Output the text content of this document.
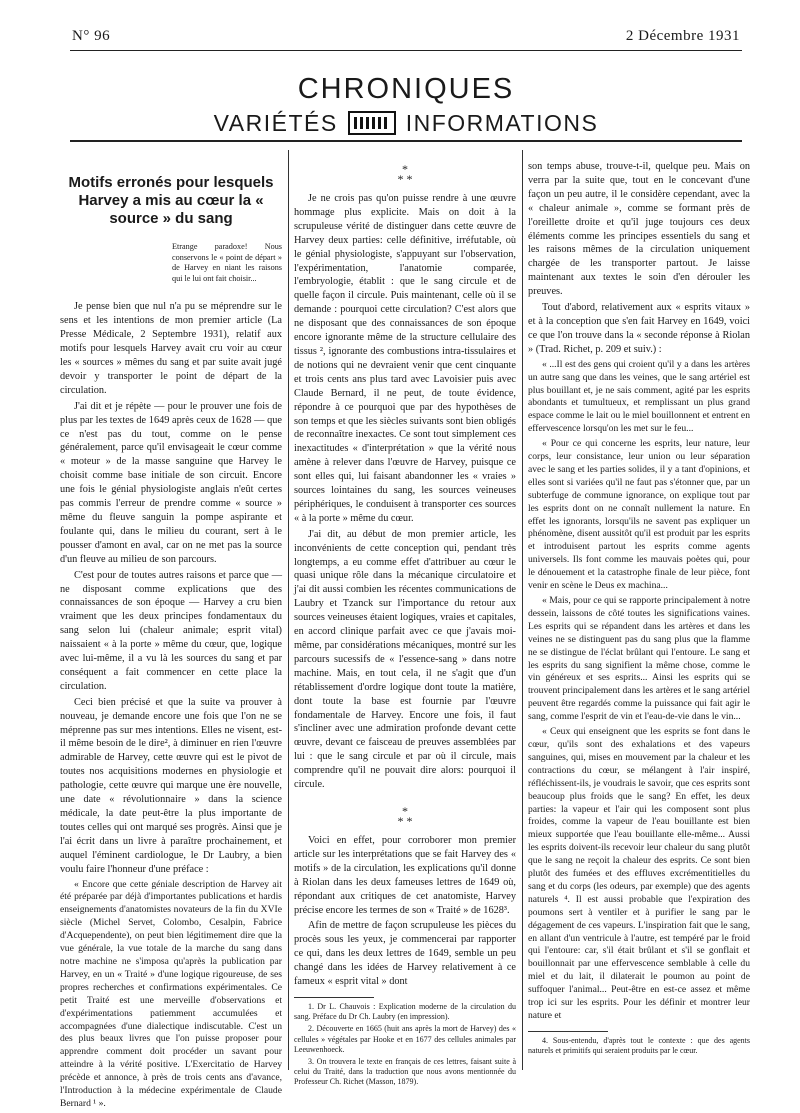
N° 96	2 Décembre 1931
CHRONIQUES
VARIÉTÉS	INFORMATIONS
Motifs erronés pour lesquels Harvey a mis au cœur la « source » du sang
Etrange paradoxe! Nous conservons le « point de départ » de Harvey en niant les raisons qui le lui ont fait choisir...

Je pense bien que nul n'a pu se méprendre sur le sens et les intentions de mon premier article (La Presse Médicale, 2 Septembre 1931), relatif aux motifs pour lesquels Harvey avait cru voir au cœur les « sources » mêmes du sang et par suite avait jugé devoir y transporter le point de départ de la circulation.

J'ai dit et je répète — pour le prouver une fois de plus par les textes de 1649 après ceux de 1628 — que ce n'est pas du tout, comme on le pense généralement, parce qu'il envisageait le cœur comme « moteur » de la masse sanguine que Harvey le choisit comme base initiale de son circuit. Encore une fois le génial physiologiste anglais n'eût certes pas commis l'erreur de prendre comme « source » même du fleuve sanguin la pompe aspirante et foulante qui, dans le milieu du courant, sert à le pousser d'amont en aval, car on ne met pas la source d'un fleuve au milieu de son parcours.

C'est pour de toutes autres raisons et parce que — ne disposant comme explications que des connaissances de son époque — Harvey a cru bien vraiment que les deux principes fondamentaux du sang selon lui (chaleur animale; esprit vital) naissaient « à la porte » même du cœur, que, logique avec lui-même, il a vu là les sources du sang et par conséquent a fait commencer en cette place la circulation.

Ceci bien précisé et que la suite va prouver à nouveau, je demande encore une fois que l'on ne se méprenne pas sur mes intentions. Elles ne visent, est-il même besoin de le dire², à diminuer en rien l'œuvre admirable de Harvey, cette œuvre qui est le pivot de toutes nos acquisitions modernes en physiologie et pathologie, cette œuvre qui marque une ère nouvelle, une date « révolutionnaire » dans la science médicale, la date peut-être la plus importante de toutes celles qui ont marqué ses progrès. Ainsi que je l'ai écrit dans un livre à paraître prochainement, et auquel l'éminent cardiologue, le Dr Laubry, a bien voulu faire l'honneur d'une préface :

« Encore que cette géniale description de Harvey ait été préparée par déjà d'importantes publications et hardis enseignements d'anatomistes novateurs de la fin du XVIe siècle (Michel Servet, Colombo, Cesalpin, Fabrice d'Acquependente), on peut bien légitimement dire que la vue générale, la vue totale de la marche du sang dans notre machine ne s'imposa qu'après la publication par Harvey, en un « Traité » d'une logique rigoureuse, de ses propres recherches et confirmations expérimentales. Ce petit Traité est une merveille d'observations et d'expérimentations patiemment accumulées et accompagnées d'une dialectique indiscutable. C'est un des plus beaux livres que l'on puisse proposer pour apprendre comment doit procéder un savant pour atteindre à la vérité positive. L'Exercitatio de Harvey précède et annonce, à près de trois cents ans d'avance, l'Introduction à la médecine expérimentale de Claude Bernard ¹ ».

*
* *

Je ne crois pas qu'on puisse rendre à une œuvre hommage plus explicite. Mais on doit à la scrupuleuse vérité de distinguer dans cette œuvre de Harvey deux parties: celle définitive, irréfutable, où le génial physiologiste, s'appuyant sur l'observation, l'expérimentation, l'anatomie comparée, l'embryologie, établit : que le sang circule et de quelle façon il circule. Puis maintenant, celle où il se demande : pourquoi cette circulation? C'est alors que ne disposant que des connaissances de son époque encore ignorante même de la structure cellulaire des tissus ², ignorante des combustions intra-tissulaires et de notions qui ne devraient venir que cent cinquante et trois cents ans plus tard avec Lavoisier puis avec Claude Bernard, il ne peut, de toute évidence, répondre à ce pourquoi que par des hypothèses de son temps et que les siècles suivants sont bien obligés de reconnaître inexactes. Ce sont tout simplement ces inexactitudes « d'interprétation » que la vérité nous amène à relever dans l'œuvre de Harvey, puisque ce sont elles qui, lui faisant abandonner les « vraies » sources lointaines du sang, les sources veineuses périphériques, le conduisent à transporter ces sources « à la porte » même du cœur.

J'ai dit, au début de mon premier article, les inconvénients de cette conception qui, pendant très longtemps, a eu comme effet d'attribuer au cœur le quasi unique rôle dans la mécanique circulatoire et j'ai dit aussi combien les récentes communications de Laubry et Tzanck sur l'importance du retour aux sources veineuses étaient logiques, vraies et capitales, en accord clinique parfait avec ce que j'avais moi-même, par considérations mécaniques, montré sur les parcours sucessifs de « l'essence-sang » dans notre machine. Mais, en tout cela, il ne s'agit que d'un rétablissement d'ordre logique dont toute la matière, dont toute la base est fournie par l'œuvre fondamentale de Harvey. Encore une fois, il faut s'incliner avec une admiration profonde devant cette œuvre, devant ce faisceau de preuves assemblées par lui : que le sang circule et par où il circule, mais comprendre qu'il ne pouvait dire alors: pourquoi il circule.

*
* *

Voici en effet, pour corroborer mon premier article sur les interprétations que se fait Harvey des « motifs » de la circulation, les explications qu'il donne à Riolan dans les deux fameuses lettres de 1649 où, répondant aux critiques de cet anatomiste, Harvey précise encore les termes de son « Traité » de 1628³.

Afin de mettre de façon scrupuleuse les pièces du procès sous les yeux, je commencerai par rapporter ce qui, dans les deux lettres de 1649, semble un peu changé dans les idées de Harvey relativement à ce fameux « esprit vital » dont

1. Dr L. Chauvois : Explication moderne de la circulation du sang. Préface du Dr Ch. Laubry (en impression).

2. Découverte en 1665 (huit ans après la mort de Harvey) des « cellules » végétales par Hooke et en 1677 des cellules animales par Leeuwenhoeck.

3. On trouvera le texte en français de ces lettres, faisant suite à celui du Traité, dans la traduction que nous avons mentionnée du Professeur Ch. Richet (Masson, 1879).

son temps abuse, trouve-t-il, quelque peu. Mais on verra par la suite que, tout en le concevant d'une façon un peu autre, il le considère cependant, avec la « chaleur animale », comme se formant près de l'oreillette droite et qu'il juge toujours ces deux éléments comme les principes essentiels du sang et les raisons mêmes de la circulation uniquement chargée de les transporter partout. Je laisse maintenant aux textes le soin d'en dérouler les preuves.

Tout d'abord, relativement aux « esprits vitaux » et à la conception que s'en fait Harvey en 1649, voici ce que l'on trouve dans la « seconde réponse à Riolan » (Trad. Richet, p. 209 et suiv.) :

« ...Il est des gens qui croient qu'il y a dans les artères un autre sang que dans les veines, que le sang artériel est plus bouillant et, je ne sais comment, agité par les esprits abondants et tumultueux, et remplissant un plus grand espace comme le lait ou le miel bouillonnent et entrent en effervescence lorsqu'on les met sur le feu...

« Pour ce qui concerne les esprits, leur nature, leur corps, leur consistance, leur union ou leur séparation avec le sang et les parties solides, il y a tant d'opinions, et elles sont si variées qu'il ne faut pas s'étonner que, par un subterfuge de commune ignorance, on explique tout par les esprits dont on ne connaît nullement la nature. En effet les ignorants, lorsqu'ils ne savent pas expliquer un phénomène, disent aussitôt qu'il est produit par les esprits et introduisent partout les esprits comme agents universels. Ils font comme les mauvais poètes qui, pour le dénouement et la catastrophe finale de leur pièce, font venir en scène le Deus ex machina...

« Mais, pour ce qui se rapporte principalement à notre dessein, laissons de côté toutes les significations vaines. Les esprits qui se répandent dans les artères et dans les veines ne se distinguent pas du sang plus que la flamme ne se distingue de l'éclat brûlant qui l'entoure. Le sang et les esprits du sang signifient la même chose, comme le vin généreux et ses esprits... Ainsi les esprits qui se trouvent principalement dans les artères et le sang artériel peuvent être regardés comme la puissance qui fait agir le sang, comme l'esprit de vin et l'eau-de-vie dans le vin...

« Ceux qui enseignent que les esprits se font dans le cœur, qu'ils sont des exhalations et des vapeurs sanguines, qui, mises en mouvement par la chaleur et les contractions du cœur, se mélangent à l'air inspiré, réfléchissent-ils, je voudrais le savoir, que ces esprits sont beaucoup plus froids que le sang? En effet, les deux parties: la vapeur et l'air qui les composent sont plus froides, comme la vapeur de l'eau bouillante est bien mieux supportée que l'eau bouillante elle-même... Aussi les esprits doivent-ils recevoir leur chaleur du sang plutôt que le sang ne reçoit la chaleur des esprits. Ce sont bien plutôt des fumées et des effluves excrémentitielles du sang et du corps (les odeurs, par exemple) que des agents naturels ⁴. Il est aussi probable que l'expiration des poumons sert à ventiler et à purifier le sang par le dégagement de ces vapeurs. L'inspiration fait que le sang, en allant d'un ventricule à l'autre, est tempéré par le froid qui l'entoure: car, s'il était brûlant et s'il se gonflait et bouillonnait par une effervescence semblable à celle du miel et du lait, il dilaterait le poumon au point de suffoquer l'animal... Peut-être en est-ce assez et même trop ici sur les esprits. Pour les définir et montrer leur nature et

4. Sous-entendu, d'après tout le contexte : que des agents naturels et primitifs qui seraient produits par le cœur.
